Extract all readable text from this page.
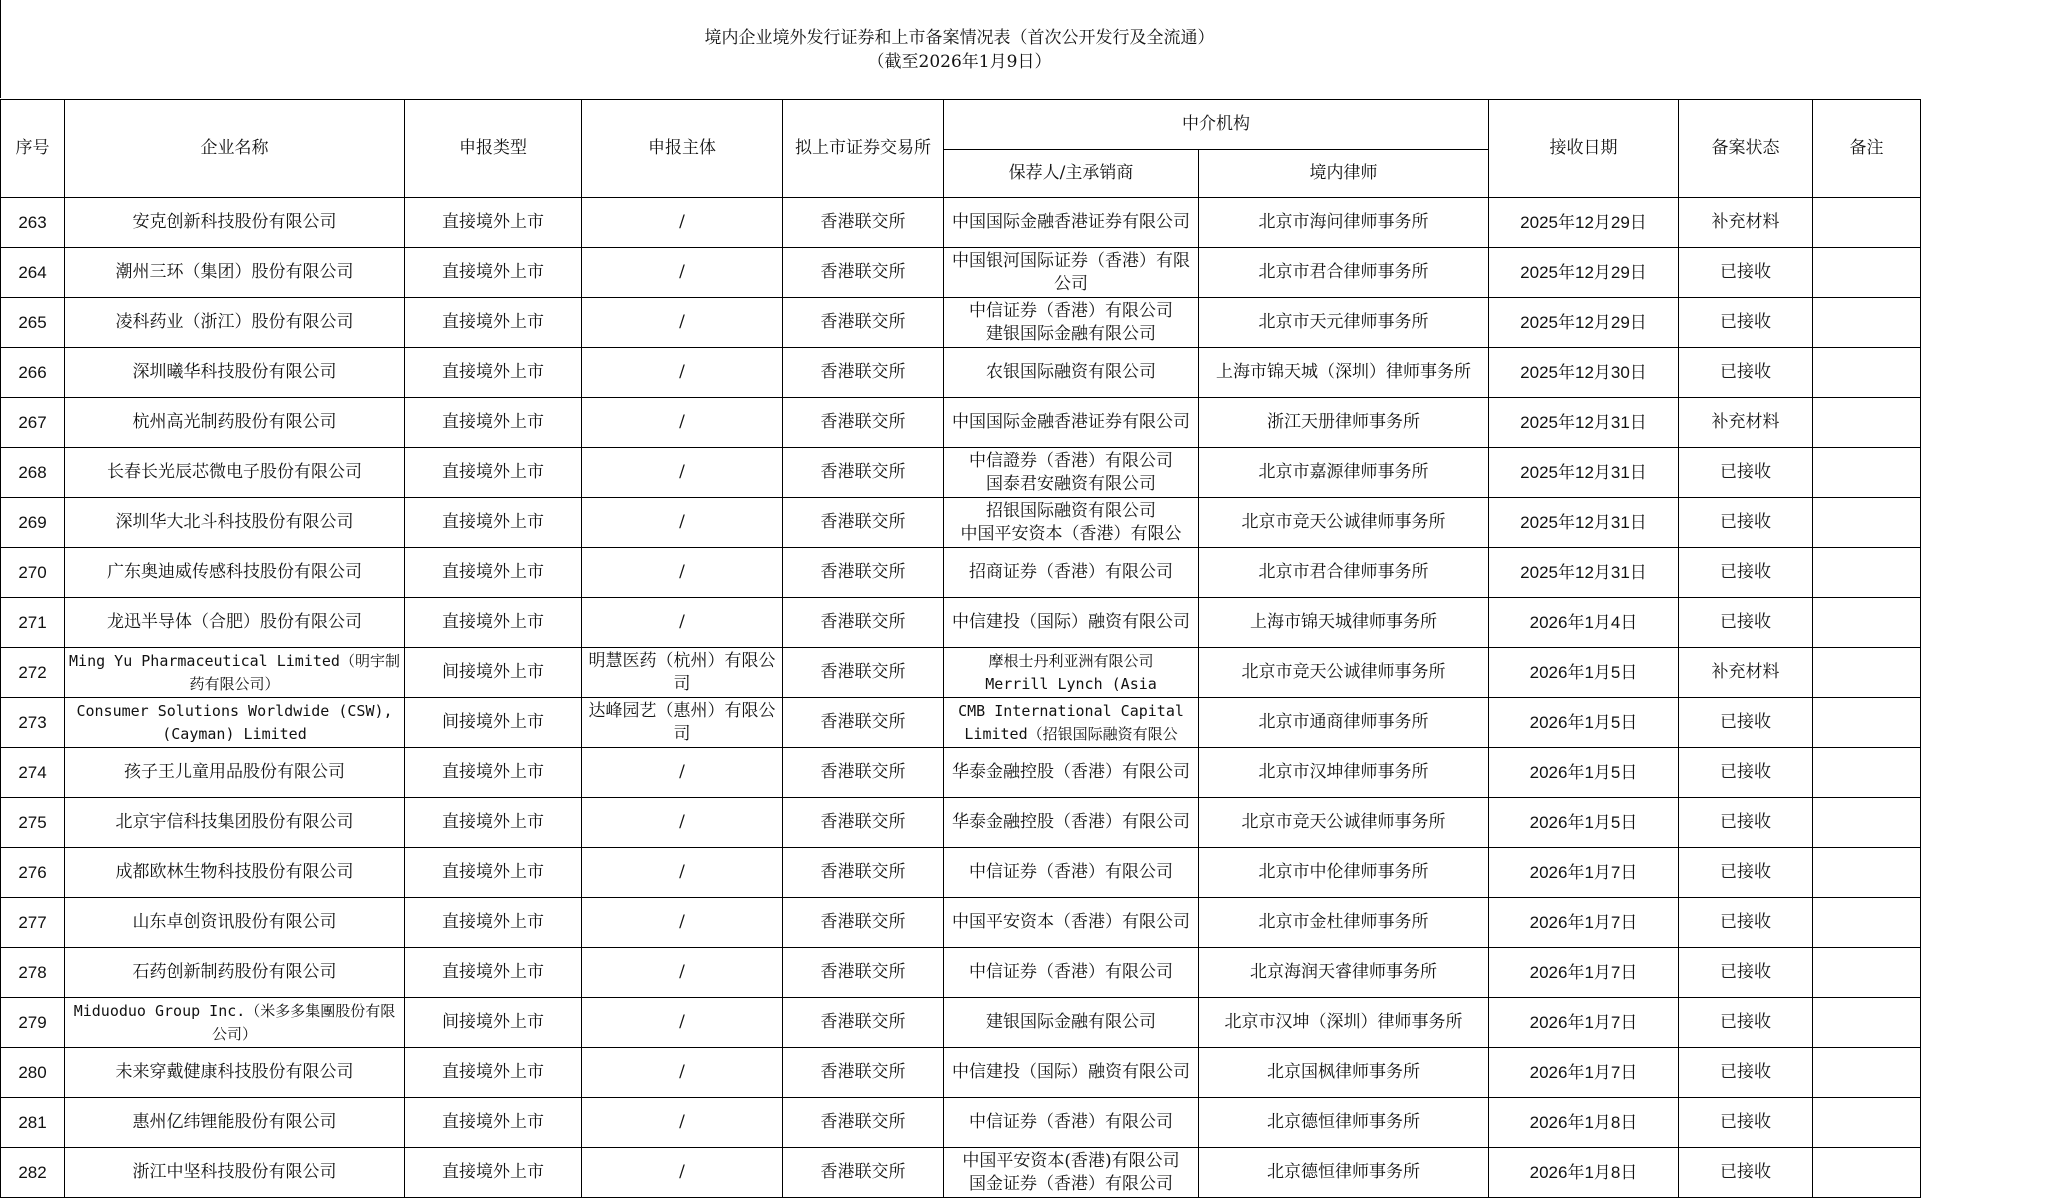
境内企业境外发行证券和上市备案情况表（首次公开发行及全流通）
（截至2026年1月9日）
序号	企业名称	申报类型	申报主体	拟上市证券交易所	中介机构		接收日期	备案状态	备注
					保荐人/主承销商	境内律师			

263	安克创新科技股份有限公司	直接境外上市	/	香港联交所	中国国际金融香港证券有限公司	北京市海问律师事务所	2025年12月29日	补充材料	

264	潮州三环（集团）股份有限公司	直接境外上市	/	香港联交所	中国银河国际证券（香港）有限公司	北京市君合律师事务所	2025年12月29日	已接收	

265	凌科药业（浙江）股份有限公司	直接境外上市	/	香港联交所	中信证券（香港）有限公司
建银国际金融有限公司	北京市天元律师事务所	2025年12月29日	已接收	

266	深圳曦华科技股份有限公司	直接境外上市	/	香港联交所	农银国际融资有限公司	上海市锦天城（深圳）律师事务所	2025年12月30日	已接收	

267	杭州高光制药股份有限公司	直接境外上市	/	香港联交所	中国国际金融香港证券有限公司	浙江天册律师事务所	2025年12月31日	补充材料	

268	长春长光辰芯微电子股份有限公司	直接境外上市	/	香港联交所	中信證券（香港）有限公司
国泰君安融资有限公司	北京市嘉源律师事务所	2025年12月31日	已接收	

269	深圳华大北斗科技股份有限公司	直接境外上市	/	香港联交所	招银国际融资有限公司
中国平安资本（香港）有限公	北京市竞天公诚律师事务所	2025年12月31日	已接收	

270	广东奥迪威传感科技股份有限公司	直接境外上市	/	香港联交所	招商证券（香港）有限公司	北京市君合律师事务所	2025年12月31日	已接收	

271	龙迅半导体（合肥）股份有限公司	直接境外上市	/	香港联交所	中信建投（国际）融资有限公司	上海市锦天城律师事务所	2026年1月4日	已接收	

272	Ming Yu Pharmaceutical Limited（明宇制药有限公司）	间接境外上市	明慧医药（杭州）有限公司	香港联交所	摩根士丹利亚洲有限公司
Merrill Lynch (Asia	北京市竞天公诚律师事务所	2026年1月5日	补充材料	

273	Consumer Solutions Worldwide (CSW), (Cayman) Limited	间接境外上市	达峰园艺（惠州）有限公司	香港联交所	CMB International Capital Limited（招银国际融资有限公	北京市通商律师事务所	2026年1月5日	已接收	

274	孩子王儿童用品股份有限公司	直接境外上市	/	香港联交所	华泰金融控股（香港）有限公司	北京市汉坤律师事务所	2026年1月5日	已接收	

275	北京宇信科技集团股份有限公司	直接境外上市	/	香港联交所	华泰金融控股（香港）有限公司	北京市竞天公诚律师事务所	2026年1月5日	已接收	

276	成都欧林生物科技股份有限公司	直接境外上市	/	香港联交所	中信证券（香港）有限公司	北京市中伦律师事务所	2026年1月7日	已接收	

277	山东卓创资讯股份有限公司	直接境外上市	/	香港联交所	中国平安资本（香港）有限公司	北京市金杜律师事务所	2026年1月7日	已接收	

278	石药创新制药股份有限公司	直接境外上市	/	香港联交所	中信证券（香港）有限公司	北京海润天睿律师事务所	2026年1月7日	已接收	

279	Miduoduo Group Inc.（米多多集團股份有限公司）	间接境外上市	/	香港联交所	建银国际金融有限公司	北京市汉坤（深圳）律师事务所	2026年1月7日	已接收	

280	未来穿戴健康科技股份有限公司	直接境外上市	/	香港联交所	中信建投（国际）融资有限公司	北京国枫律师事务所	2026年1月7日	已接收	

281	惠州亿纬锂能股份有限公司	直接境外上市	/	香港联交所	中信证券（香港）有限公司	北京德恒律师事务所	2026年1月8日	已接收	

282	浙江中坚科技股份有限公司	直接境外上市	/	香港联交所	中国平安资本(香港)有限公司
国金证券（香港）有限公司	北京德恒律师事务所	2026年1月8日	已接收	
